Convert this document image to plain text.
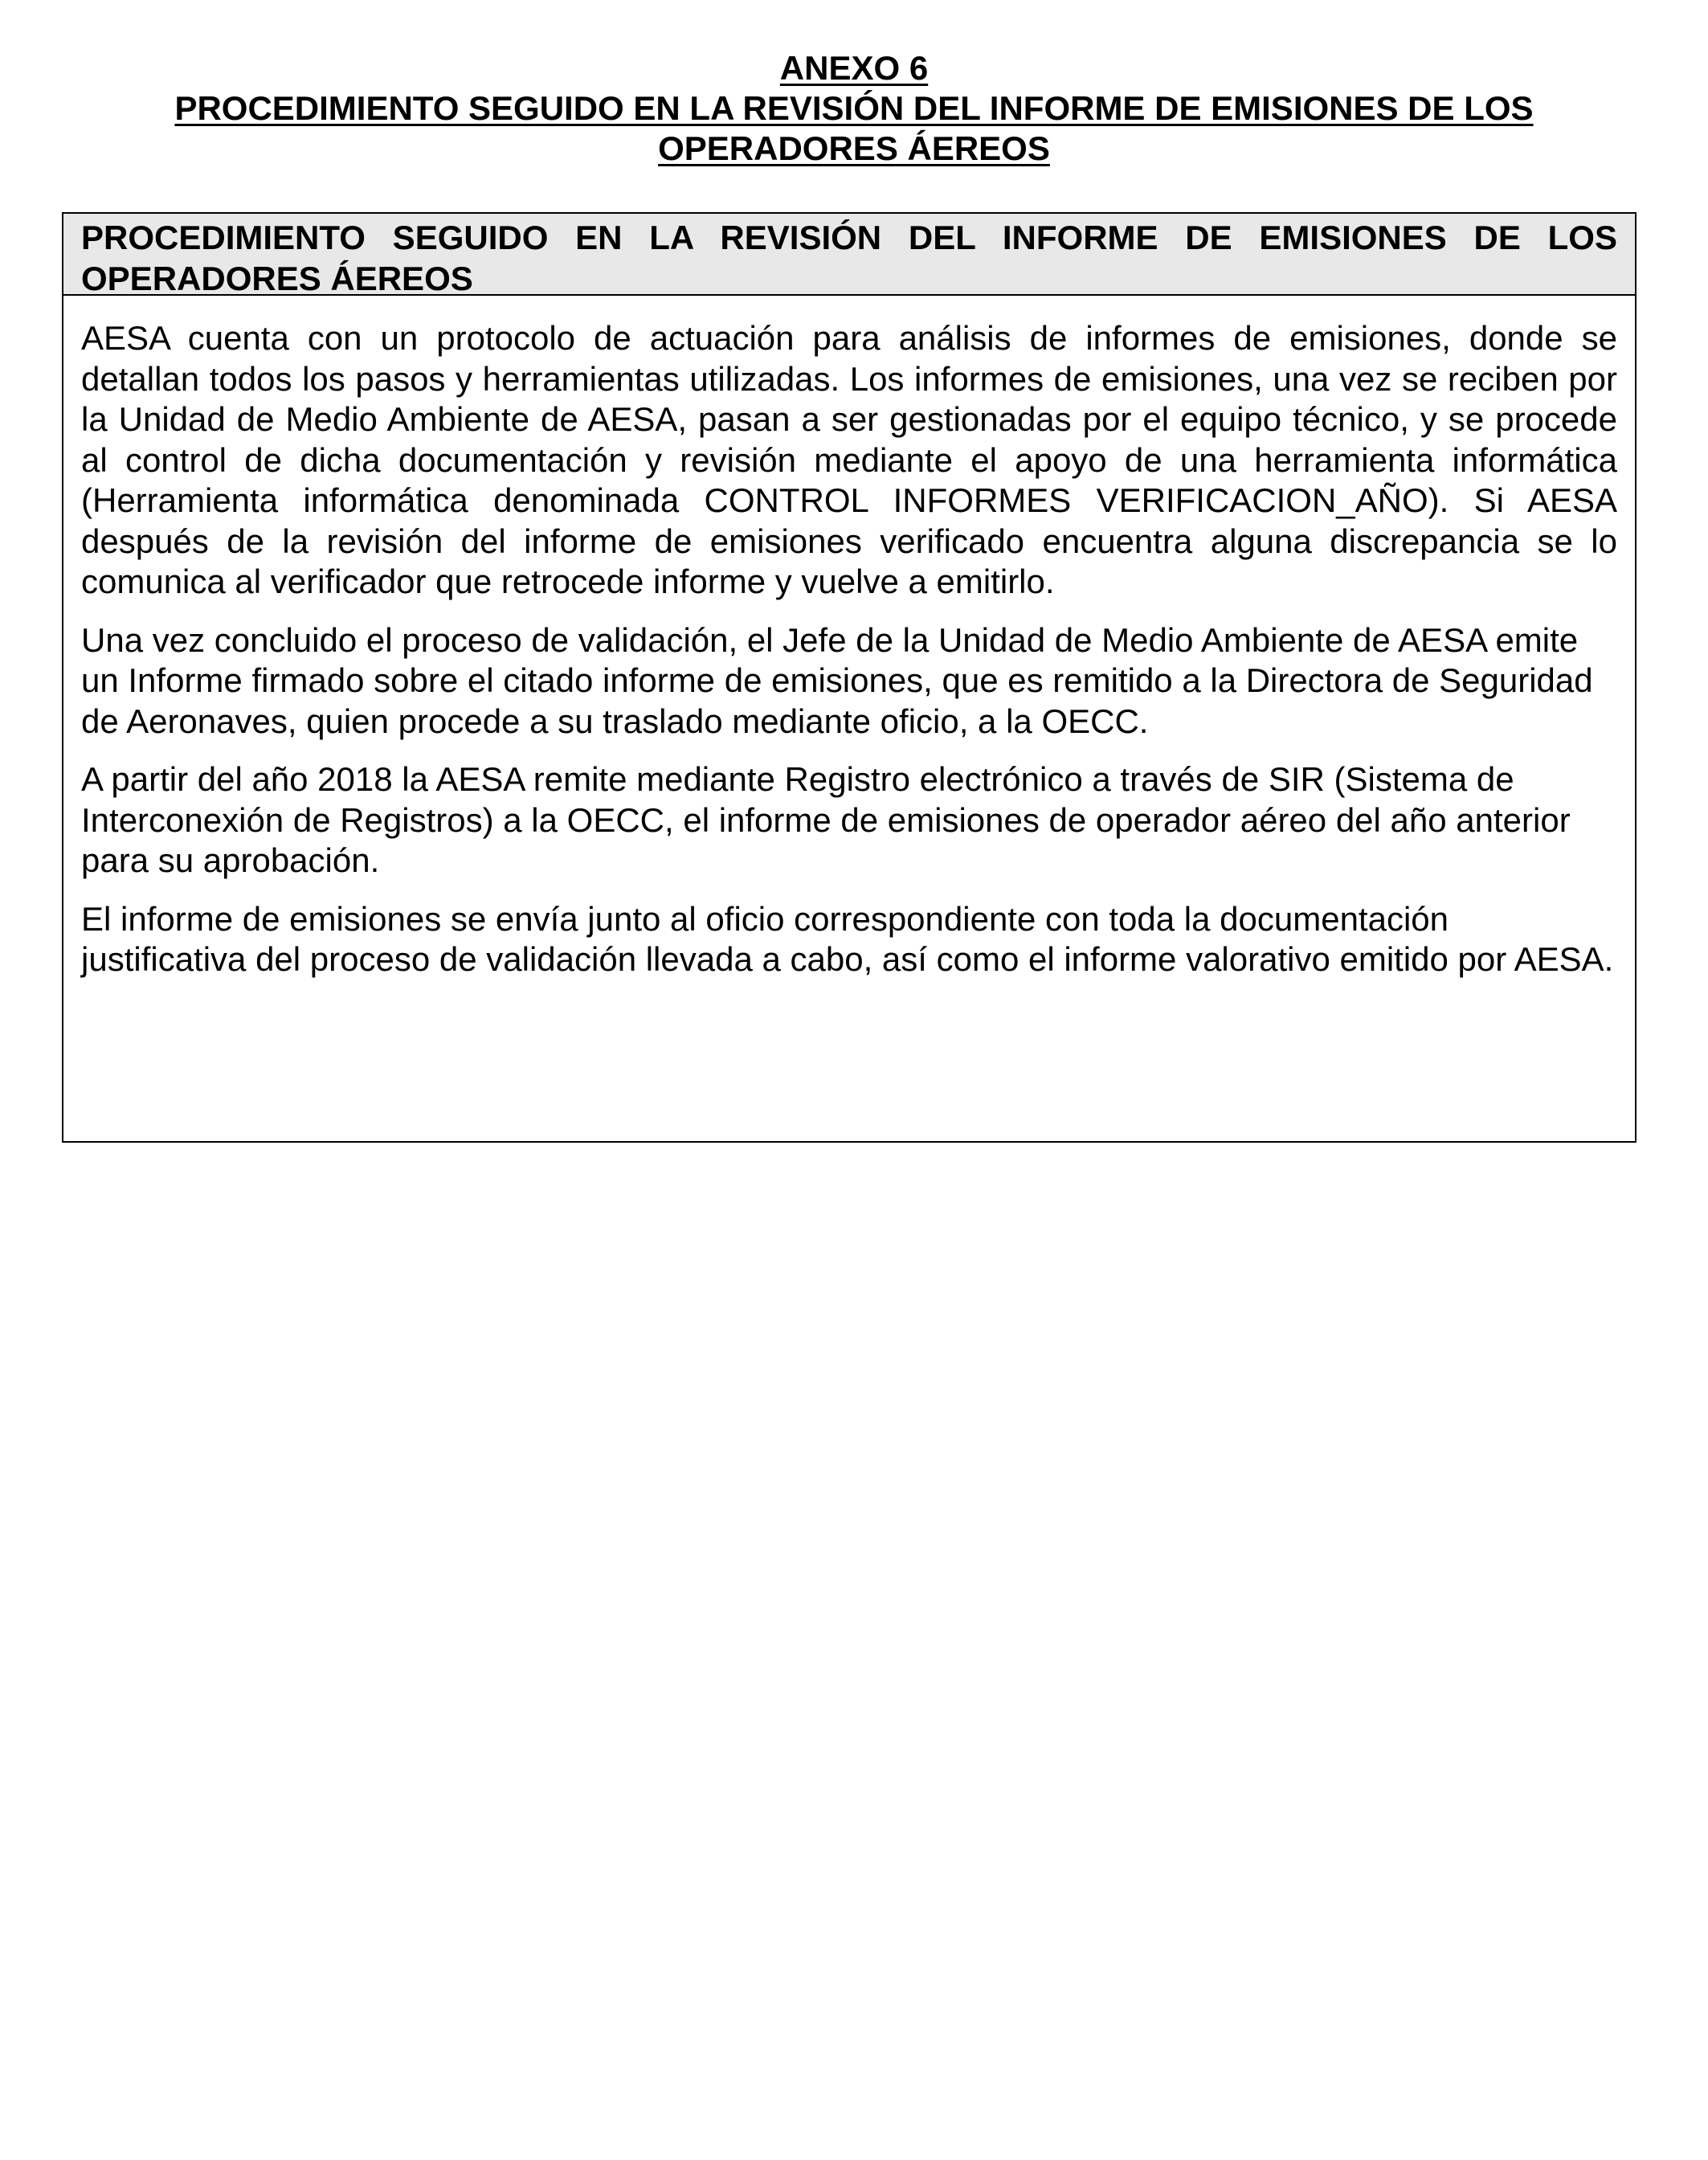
ANEXO 6
PROCEDIMIENTO SEGUIDO EN LA REVISIÓN DEL INFORME DE EMISIONES DE LOS
OPERADORES ÁEREOS
PROCEDIMIENTO SEGUIDO EN LA REVISIÓN DEL INFORME DE EMISIONES DE LOS OPERADORES ÁEREOS

AESA cuenta con un protocolo de actuación para análisis de informes de emisiones, donde se detallan todos los pasos y herramientas utilizadas. Los informes de emisiones, una vez se reciben por la Unidad de Medio Ambiente de AESA, pasan a ser gestionadas por el equipo técnico, y se procede al control de dicha documentación y revisión mediante el apoyo de una herramienta informática (Herramienta informática denominada CONTROL INFORMES VERIFICACION_AÑO). Si AESA después de la revisión del informe de emisiones verificado encuentra alguna discrepancia se lo comunica al verificador que retrocede informe y vuelve a emitirlo.

Una vez concluido el proceso de validación, el Jefe de la Unidad de Medio Ambiente de AESA emite un Informe firmado sobre el citado informe de emisiones, que es remitido a la Directora de Seguridad de Aeronaves, quien procede a su traslado mediante oficio, a la OECC.

A partir del año 2018 la AESA remite mediante Registro electrónico a través de SIR (Sistema de Interconexión de Registros) a la OECC, el informe de emisiones de operador aéreo del año anterior para su aprobación.

El informe de emisiones se envía junto al oficio correspondiente con toda la documentación justificativa del proceso de validación llevada a cabo, así como el informe valorativo emitido por AESA.
